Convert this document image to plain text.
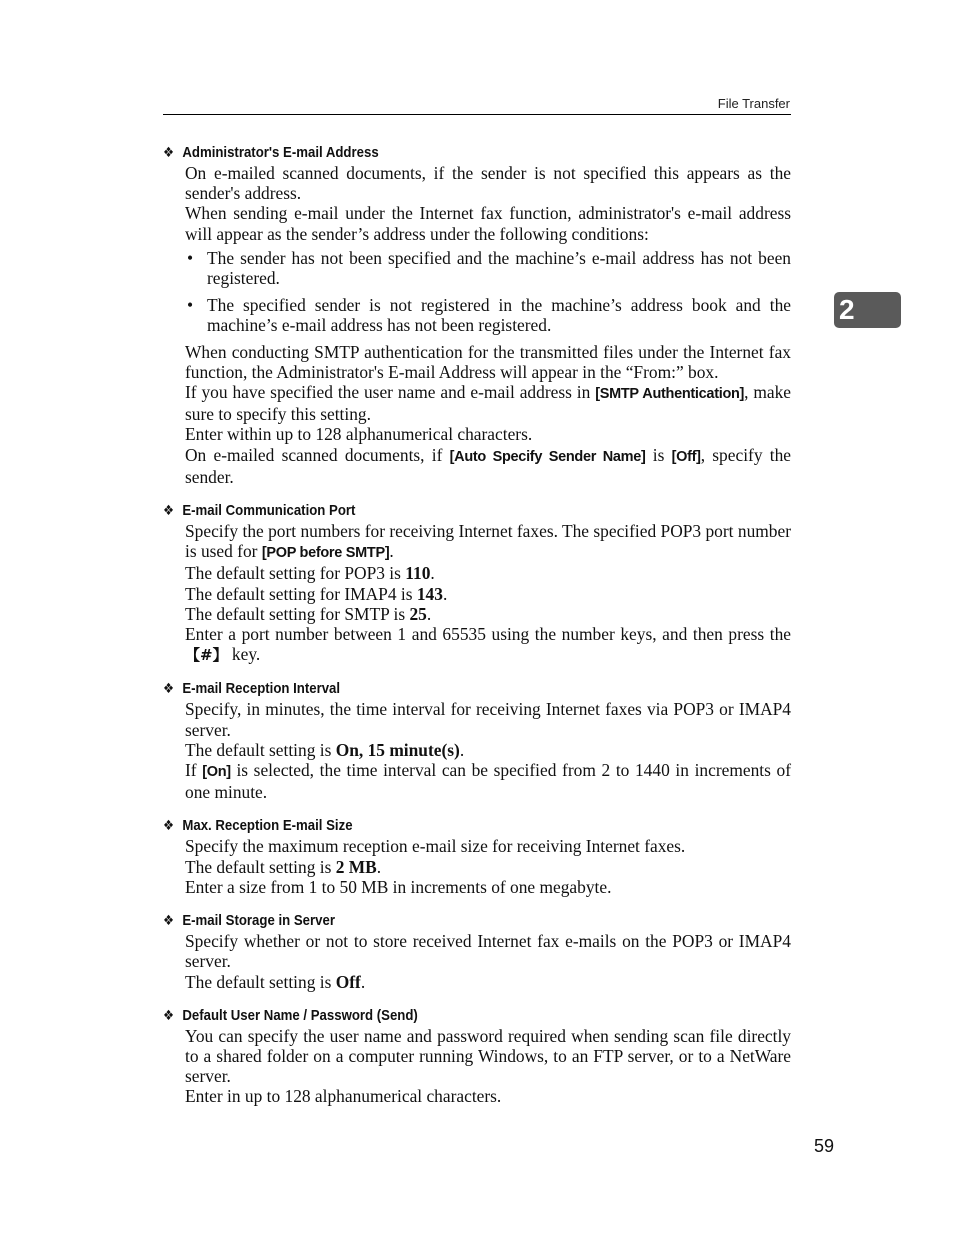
File Transfer
2
❖ Administrator's E-mail Address
On e-mailed scanned documents, if the sender is not specified this appears as the sender's address.
When sending e-mail under the Internet fax function, administrator's e-mail address will appear as the sender’s address under the following conditions:
• The sender has not been specified and the machine’s e-mail address has not been registered.
• The specified sender is not registered in the machine’s address book and the machine’s e-mail address has not been registered.
When conducting SMTP authentication for the transmitted files under the Internet fax function, the Administrator's E-mail Address will appear in the “From:” box.
If you have specified the user name and e-mail address in [SMTP Authentication], make sure to specify this setting.
Enter within up to 128 alphanumerical characters.
On e-mailed scanned documents, if [Auto Specify Sender Name] is [Off], specify the sender.
❖ E-mail Communication Port
Specify the port numbers for receiving Internet faxes. The specified POP3 port number is used for [POP before SMTP].
The default setting for POP3 is 110.
The default setting for IMAP4 is 143.
The default setting for SMTP is 25.
Enter a port number between 1 and 65535 using the number keys, and then press the 【#】 key.
❖ E-mail Reception Interval
Specify, in minutes, the time interval for receiving Internet faxes via POP3 or IMAP4 server.
The default setting is On, 15 minute(s).
If [On] is selected, the time interval can be specified from 2 to 1440 in increments of one minute.
❖ Max. Reception E-mail Size
Specify the maximum reception e-mail size for receiving Internet faxes.
The default setting is 2 MB.
Enter a size from 1 to 50 MB in increments of one megabyte.
❖ E-mail Storage in Server
Specify whether or not to store received Internet fax e-mails on the POP3 or IMAP4 server.
The default setting is Off.
❖ Default User Name / Password (Send)
You can specify the user name and password required when sending scan file directly to a shared folder on a computer running Windows, to an FTP server, or to a NetWare server.
Enter in up to 128 alphanumerical characters.
59
